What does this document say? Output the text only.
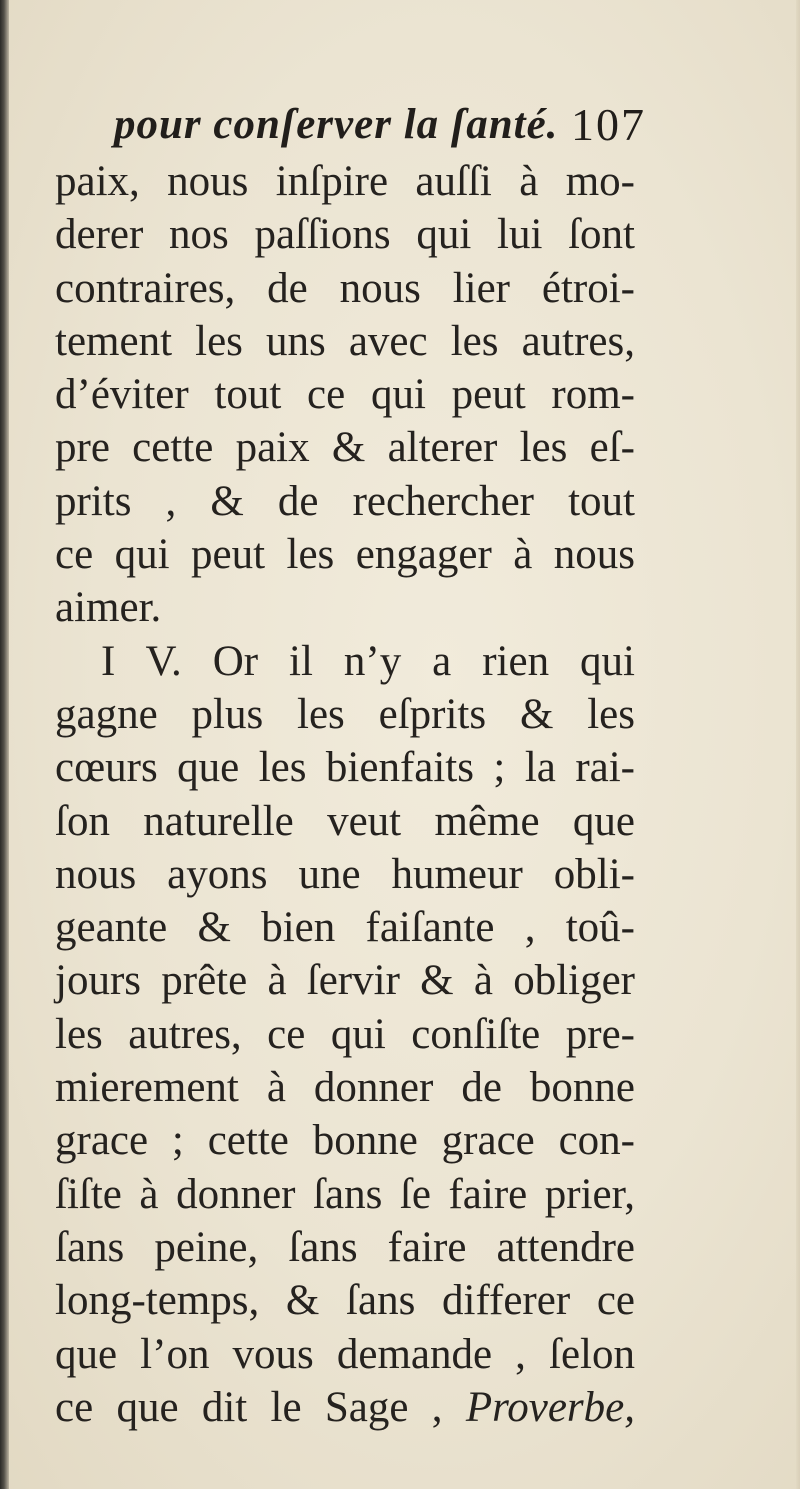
pour conſerver la ſanté. 107
paix, nous inſpire auſſi à mo-
derer nos paſſions qui lui ſont
contraires, de nous lier étroi-
tement les uns avec les autres,
d’éviter tout ce qui peut rom-
pre cette paix & alterer les eſ-
prits , & de rechercher tout
ce qui peut les engager à nous
aimer.
I V. Or il n’y a rien qui
gagne plus les eſprits & les
cœurs que les bienfaits ; la rai-
ſon naturelle veut même que
nous ayons une humeur obli-
geante & bien faiſante , toû-
jours prête à ſervir & à obliger
les autres, ce qui conſiſte pre-
mierement à donner de bonne
grace ; cette bonne grace con-
ſiſte à donner ſans ſe faire prier,
ſans peine, ſans faire attendre
long-temps, & ſans differer ce
que l’on vous demande , ſelon
ce que dit le Sage , Proverbe,
